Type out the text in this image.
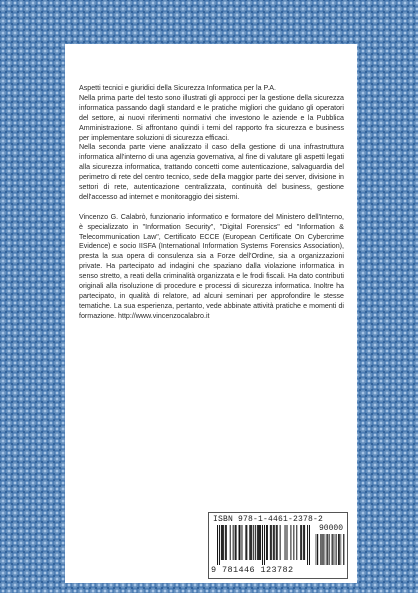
Aspetti tecnici e giuridici della Sicurezza Informatica per la P.A.

Nella prima parte del testo sono illustrati gli approcci per la gestione della sicurezza informatica passando dagli standard e le pratiche migliori che guidano gli operatori del settore, ai nuovi riferimenti normativi che investono le aziende e la Pubblica Amministrazione. Si affrontano quindi i temi del rapporto fra sicurezza e business per implementare soluzioni di sicurezza efficaci.

Nella seconda parte viene analizzato il caso della gestione di una infrastruttura informatica all'interno di una agenzia governativa, al fine di valutare gli aspetti legati alla sicurezza informatica, trattando concetti come autenticazione, salvaguardia del perimetro di rete del centro tecnico, sede della maggior parte dei server, divisione in settori di rete, autenticazione centralizzata, continuità del business, gestione dell'accesso ad internet e monitoraggio dei sistemi.

Vincenzo G. Calabrò, funzionario informatico e formatore del Ministero dell'Interno, è specializzato in "Information Security", "Digital Forensics" ed "Information & Telecommunication Law", Certificato ECCE (European Certificate On Cybercrime Evidence) e socio IISFA (International Information Systems Forensics Association), presta la sua opera di consulenza sia a Forze dell'Ordine, sia a organizzazioni private. Ha partecipato ad indagini che spaziano dalla violazione informatica in senso stretto, a reati della criminalità organizzata e le frodi fiscali. Ha dato contributi originali alla risoluzione di procedure e processi di sicurezza informatica. Inoltre ha partecipato, in qualità di relatore, ad alcuni seminari per approfondire le stesse tematiche. La sua esperienza, pertanto, vede abbinate attività pratiche e momenti di formazione. http://www.vincenzocalabro.it

ISBN 978-1-4461-2378-2
90000
9 781446 123782
